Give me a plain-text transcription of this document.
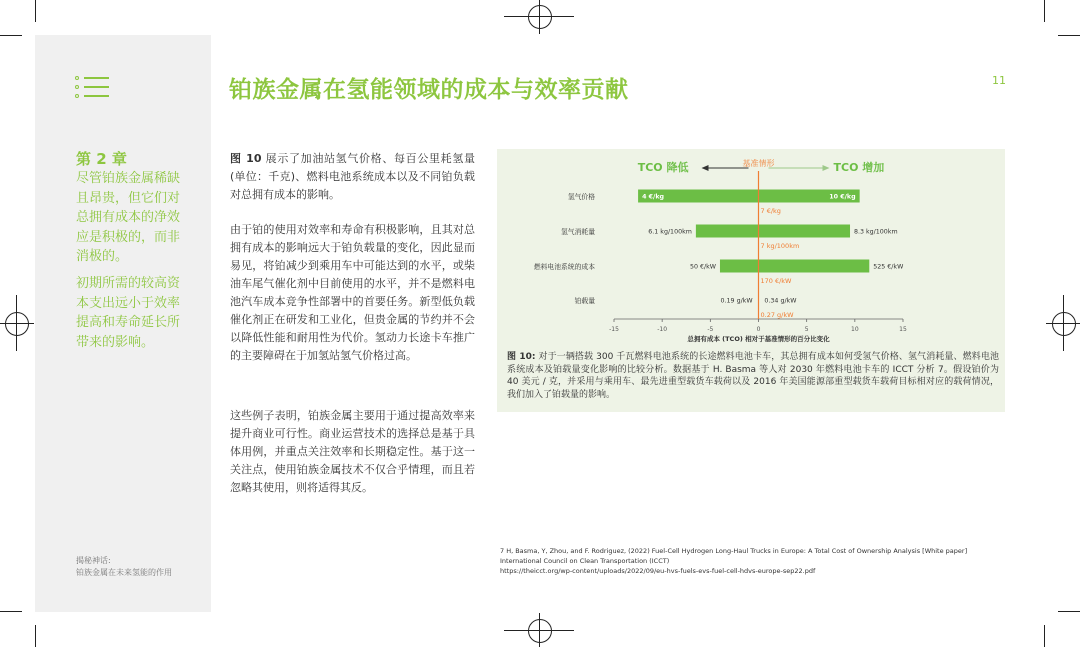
第 2 章
尽管铂族金属稀缺
且昂贵，但它们对
总拥有成本的净效
应是积极的，而非
消极的。
初期所需的较高资
本支出远小于效率
提高和寿命延长所
带来的影响。
揭秘神话:
铂族金属在未来氢能的作用
铂族金属在氢能领域的成本与效率贡献	11
图 10 展示了加油站氢气价格、每百公里耗氢量(单位：千克)、燃料电池系统成本以及不同铂负载对总拥有成本的影响。
由于铂的使用对效率和寿命有积极影响，且其对总拥有成本的影响远大于铂负载量的变化，因此显而易见，将铂减少到乘用车中可能达到的水平，或柴油车尾气催化剂中目前使用的水平，并不是燃料电池汽车成本竞争性部署中的首要任务。新型低负载催化剂正在研发和工业化，但贵金属的节约并不会以降低性能和耐用性为代价。氢动力长途卡车推广的主要障碍在于加氢站氢气价格过高。
这些例子表明，铂族金属主要用于通过提高效率来提升商业可行性。商业运营技术的选择总是基于具体用例，并重点关注效率和长期稳定性。基于这一关注点，使用铂族金属技术不仅合乎情理，而且若忽略其使用，则将适得其反。
TCO 降低	TCO 增加
基准情形
-15	-10	-5	0	5	10	15
总拥有成本 (TCO) 相对于基准情形的百分比变化
氢气价格	4 €/kg	10 €/kg
7 €/kg
氢气消耗量	6.1 kg/100km	8.3 kg/100km
7 kg/100km
燃料电池系统的成本	50 €/kW	525 €/kW
170 €/kW
铂载量	0.19 g/kW 0.34 g/kW
0.27 g/kW
图 10: 对于一辆搭载 300 千瓦燃料电池系统的长途燃料电池卡车，其总拥有成本如何受氢气价格、氢气消耗量、燃料电池系统成本及铂载量变化影响的比较分析。数据基于 H. Basma 等人对 2030 年燃料电池卡车的 ICCT 分析 7。假设铂价为 40 美元 / 克，并采用与乘用车、最先进重型载货车载荷以及 2016 年美国能源部重型载货车载荷目标相对应的载荷情况，我们加入了铂载量的影响。
7 H, Basma, Y, Zhou, and F. Rodriguez, (2022) Fuel-Cell Hydrogen Long-Haul Trucks in Europe: A Total Cost of Ownership Analysis [White paper] International Council on Clean Transportation (ICCT)
https://theicct.org/wp-content/uploads/2022/09/eu-hvs-fuels-evs-fuel-cell-hdvs-europe-sep22.pdf
